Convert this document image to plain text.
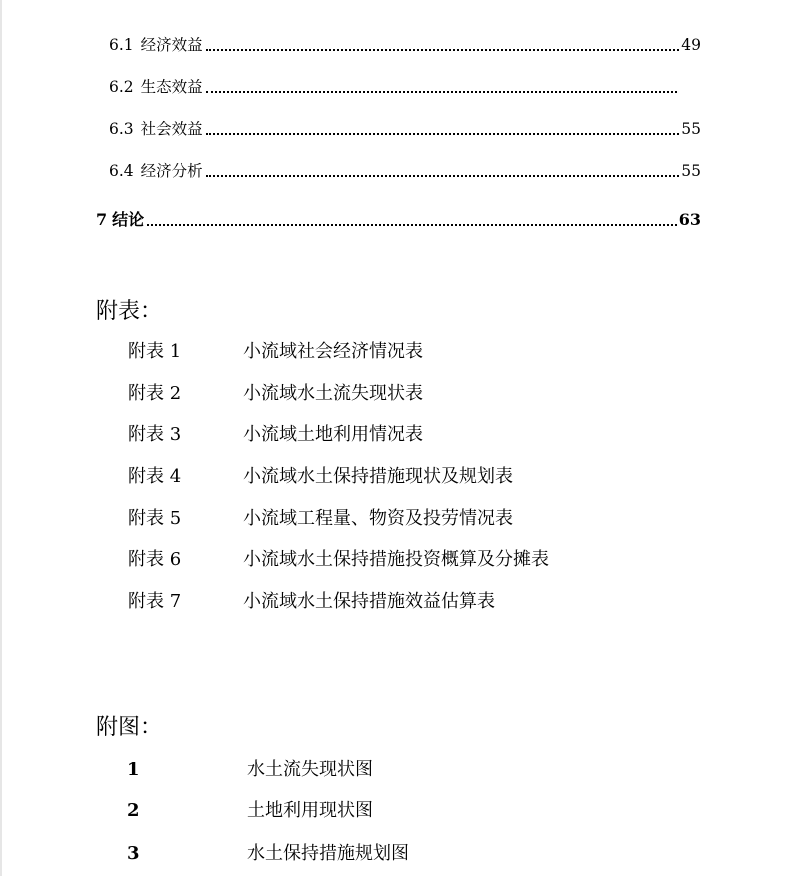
6.1 经济效益	49
6.2 生态效益
6.3 社会效益	55
6.4 经济分析	55
7 结论	63
附表：
附表 1	小流域社会经济情况表
附表 2	小流域水土流失现状表
附表 3	小流域土地利用情况表
附表 4	小流域水土保持措施现状及规划表
附表 5	小流域工程量、物资及投劳情况表
附表 6	小流域水土保持措施投资概算及分摊表
附表 7	小流域水土保持措施效益估算表
附图：
1	水土流失现状图
2	土地利用现状图
3	水土保持措施规划图
